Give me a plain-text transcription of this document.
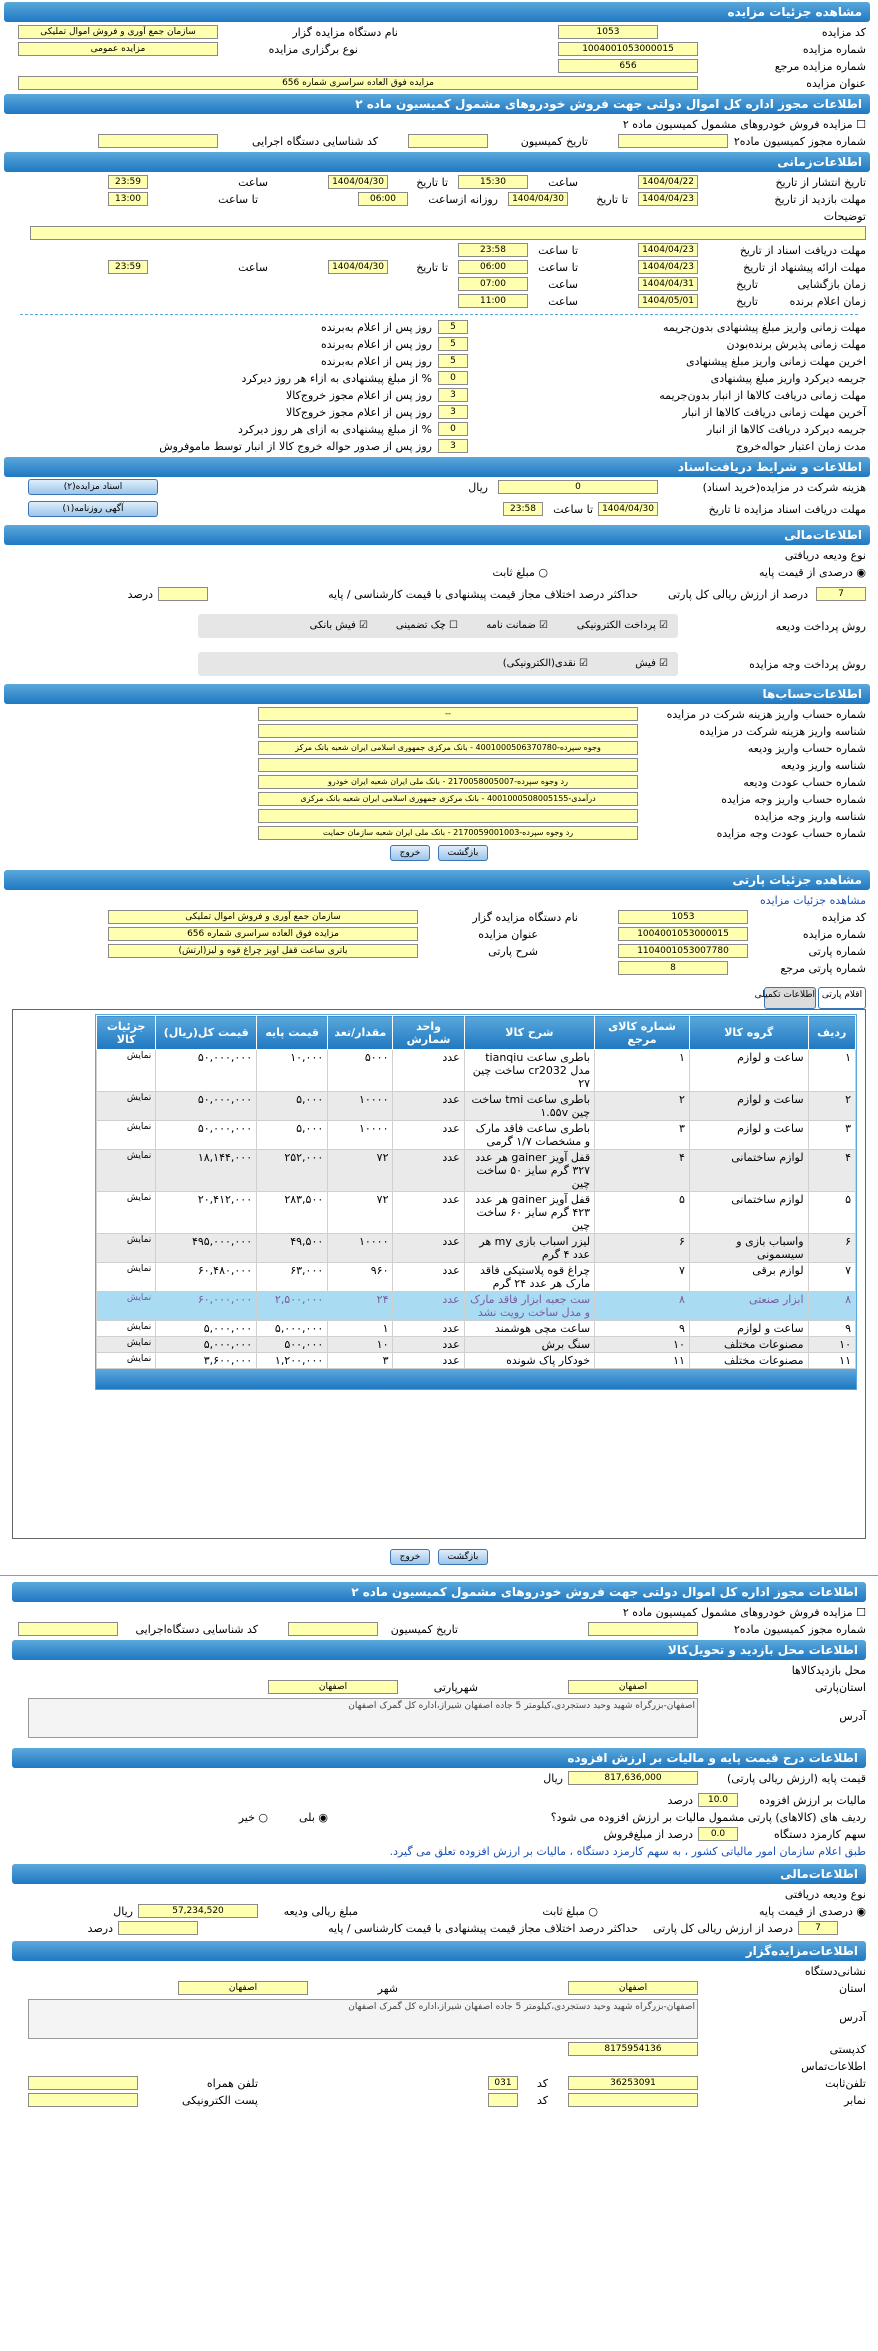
مشاهده جزئیات مزایده
کد مزایده
1053
نام دستگاه مزایده گزار
سازمان جمع آوری و فروش اموال تملیکی
شماره مزایده
1004001053000015
نوع برگزاری مزایده
مزایده عمومی
شماره مزایده مرجع
656
عنوان مزایده
مزایده فوق العاده سراسری شماره 656
اطلاعات مجوز اداره کل اموال دولتی جهت فروش خودروهای مشمول کمیسیون ماده ۲
☐ مزایده فروش خودروهای مشمول کمیسیون ماده ۲
شماره مجوز کمیسیون ماده۲
تاریخ کمیسیون
کد شناسایی دستگاه اجرایی
اطلاعات‌زمانی
تاریخ انتشار از تاریخ
1404/04/22
ساعت
15:30
تا تاریخ
1404/04/30
ساعت
23:59
مهلت بازدید از تاریخ
1404/04/23
تا تاریخ
1404/04/30
روزانه ازساعت
06:00
تا ساعت
13:00
توضیحات
مهلت دریافت اسناد از تاریخ
1404/04/23
تا ساعت
23:58
مهلت ارائه پیشنهاد از تاریخ
1404/04/23
تا ساعت
06:00
تا تاریخ
1404/04/30
ساعت
23:59
زمان بازگشایی
تاریخ
1404/04/31
ساعت
07:00
زمان اعلام برنده
تاریخ
1404/05/01
ساعت
11:00
مهلت زمانی واریز مبلغ پیشنهادی بدون‌جریمه
5
روز پس از اعلام به‌برنده
مهلت زمانی پذیرش برنده‌بودن
5
روز پس از اعلام به‌برنده
اخرین مهلت زمانی واریز مبلغ پیشنهادی
5
روز پس از اعلام به‌برنده
جریمه دیرکرد واریز مبلغ پیشنهادی
0
% از مبلغ پیشنهادی به ازاء هر روز دیرکرد
مهلت زمانی دریافت کالاها از انبار بدون‌جریمه
3
روز پس از اعلام مجوز خروج‌کالا
آخرین مهلت زمانی دریافت کالاها از انبار
3
روز پس از اعلام مجوز خروج‌کالا
جریمه دیرکرد دریافت کالاها از انبار
0
% از مبلغ پیشنهادی به ازای هر روز دیرکرد
مدت زمان اعتبار حواله‌خروج
3
روز پس از صدور حواله خروج کالا از انبار توسط ماموفروش
اطلاعات و شرایط دریافت‌اسناد
هزینه شرکت در مزایده(خرید اسناد)
0
ریال
اسناد مزایده(۲)
مهلت دریافت اسناد مزایده تا تاریخ
1404/04/30
تا ساعت
23:58
آگهی روزنامه(۱)
اطلاعات‌مالی
نوع ودیعه دریافتی
◉ درصدی از قیمت پایه
○ مبلغ ثابت
7
درصد از ارزش ریالی کل پارتی
حداکثر درصد اختلاف مجاز قیمت پیشنهادی با قیمت کارشناسی / پایه
درصد
روش پرداخت ودیعه
☑ پرداخت الکترونیکی
☑ ضمانت نامه
☐ چک تضمینی
☑ فیش بانکی
روش پرداخت وجه مزایده
☑ فیش
☑ نقدی(الکترونیکی)
اطلاعات‌حساب‌ها
شماره حساب واریز هزینه شرکت در مزایده
--
شناسه واریز هزینه شرکت در مزایده
شماره حساب واریز ودیعه
وجوه سپرده-4001000506370780 - بانک مرکزی جمهوری اسلامی ایران شعبه بانک مرکز
شناسه واریز ودیعه
شماره حساب عودت ودیعه
رد وجوه سپرده-2170058005007 - بانک ملی ایران شعبه ایران خودرو
شماره حساب واریز وجه مزایده
درآمدی-4001000508005155 - بانک مرکزی جمهوری اسلامی ایران شعبه بانک مرکزی
شناسه واریز وجه مزایده
شماره حساب عودت وجه مزایده
رد وجوه سپرده-2170059001003 - بانک ملی ایران شعبه سازمان حمایت
بازگشت
خروج
مشاهده جزئیات پارتی
مشاهده جزئیات مزایده
کد مزایده
1053
نام دستگاه مزایده گزار
سازمان جمع آوری و فروش اموال تملیکی
شماره مزایده
1004001053000015
عنوان مزایده
مزایده فوق العاده سراسری شماره 656
شماره پارتی
1104001053007780
شرح پارتی
باتری ساعت قفل اویز چراغ قوه و لیز(ارتش)
شماره پارتی مرجع
8
اقلام پارتی
اطلاعات تکمیلی
ردیف	گروه کالا	شماره کالای مرجع	شرح کالا	واحد شمارش	مقدار/تعد	قیمت پایه	قیمت کل(ریال)	جزئیات کالا
۱	ساعت و لوازم	۱	باطری ساعت tianqiu مدل cr2032 ساخت چین ۲۷	عدد	۵۰۰۰	۱۰,۰۰۰	۵۰,۰۰۰,۰۰۰	نمایش
۲	ساعت و لوازم	۲	باطری ساعت tmi ساخت چین ۱.۵۵v	عدد	۱۰۰۰۰	۵,۰۰۰	۵۰,۰۰۰,۰۰۰	نمایش
۳	ساعت و لوازم	۳	باطری ساعت فاقد مارک و مشخصات ۱/۷ گرمی	عدد	۱۰۰۰۰	۵,۰۰۰	۵۰,۰۰۰,۰۰۰	نمایش
۴	لوازم ساختمانی	۴	قفل آویز gainer هر عدد ۳۲۷ گرم سایز ۵۰ ساخت چین	عدد	۷۲	۲۵۲,۰۰۰	۱۸,۱۴۴,۰۰۰	نمایش
۵	لوازم ساختمانی	۵	قفل آویز gainer هر عدد ۴۲۳ گرم سایز ۶۰ ساخت چین	عدد	۷۲	۲۸۳,۵۰۰	۲۰,۴۱۲,۰۰۰	نمایش
۶	واسباب بازی و سیسمونی	۶	لیزر اسباب بازی my هر عدد ۴ گرم	عدد	۱۰۰۰۰	۴۹,۵۰۰	۴۹۵,۰۰۰,۰۰۰	نمایش
۷	لوازم برقی	۷	چراغ قوه پلاستیکی فاقد مارک هر عدد ۲۴ گرم	عدد	۹۶۰	۶۳,۰۰۰	۶۰,۴۸۰,۰۰۰	نمایش
۸	ابزار صنعتی	۸	ست جعبه ابزار فاقد مارک و مدل ساخت رویت نشد	عدد	۲۴	۲,۵۰۰,۰۰۰	۶۰,۰۰۰,۰۰۰	نمایش
۹	ساعت و لوازم	۹	ساعت مچی هوشمند	عدد	۱	۵,۰۰۰,۰۰۰	۵,۰۰۰,۰۰۰	نمایش
۱۰	مصنوعات مختلف	۱۰	سنگ برش	عدد	۱۰	۵۰۰,۰۰۰	۵,۰۰۰,۰۰۰	نمایش
۱۱	مصنوعات مختلف	۱۱	خودکار پاک شونده	عدد	۳	۱,۲۰۰,۰۰۰	۳,۶۰۰,۰۰۰	نمایش
بازگشت
خروج
اطلاعات مجوز اداره کل اموال دولتی جهت فروش خودروهای مشمول کمیسیون ماده ۲
☐ مزایده فروش خودروهای مشمول کمیسیون ماده ۲
شماره مجوز کمیسیون ماده۲
تاریخ کمیسیون
کد شناسایی دستگاه‌اجرایی
اطلاعات محل بازدید و تحویل‌کالا
محل بازدیدکالاها
استان‌پارتی
اصفهان
شهرپارتی
اصفهان
آدرس
اصفهان-بزرگراه شهید وحید دستجردی،کیلومتر 5 جاده اصفهان شیراز،اداره کل گمرک اصفهان
اطلاعات درج قیمت پایه و مالیات بر ارزش افزوده
قیمت پایه (ارزش ریالی پارتی)
817,636,000
ریال
مالیات بر ارزش افزوده
10.0
درصد
ردیف های (کالاهای) پارتی مشمول مالیات بر ارزش افزوده می شود؟
◉ بلی
○ خیر
سهم کارمزد دستگاه
0.0
درصد از مبلغ‌فروش
طبق اعلام سازمان امور مالیاتی کشور ، به سهم کارمزد دستگاه ، مالیات بر ارزش افزوده تعلق می گیرد.
اطلاعات‌مالی
نوع ودیعه دریافتی
◉ درصدی از قیمت پایه
○ مبلغ ثابت
مبلغ ریالی ودیعه
57,234,520
ریال
7
درصد از ارزش ریالی کل پارتی
حداکثر درصد اختلاف مجاز قیمت پیشنهادی با قیمت کارشناسی / پایه
درصد
اطلاعات‌مزایده‌گزار
نشانی‌دستگاه
استان
اصفهان
شهر
اصفهان
آدرس
اصفهان-بزرگراه شهید وحید دستجردی،کیلومتر 5 جاده اصفهان شیراز،اداره کل گمرک اصفهان
کدپستی
8175954136
اطلاعات‌تماس
تلفن‌ثابت
36253091
کد
031
تلفن همراه
نمابر
کد
پست الکترونیکی
